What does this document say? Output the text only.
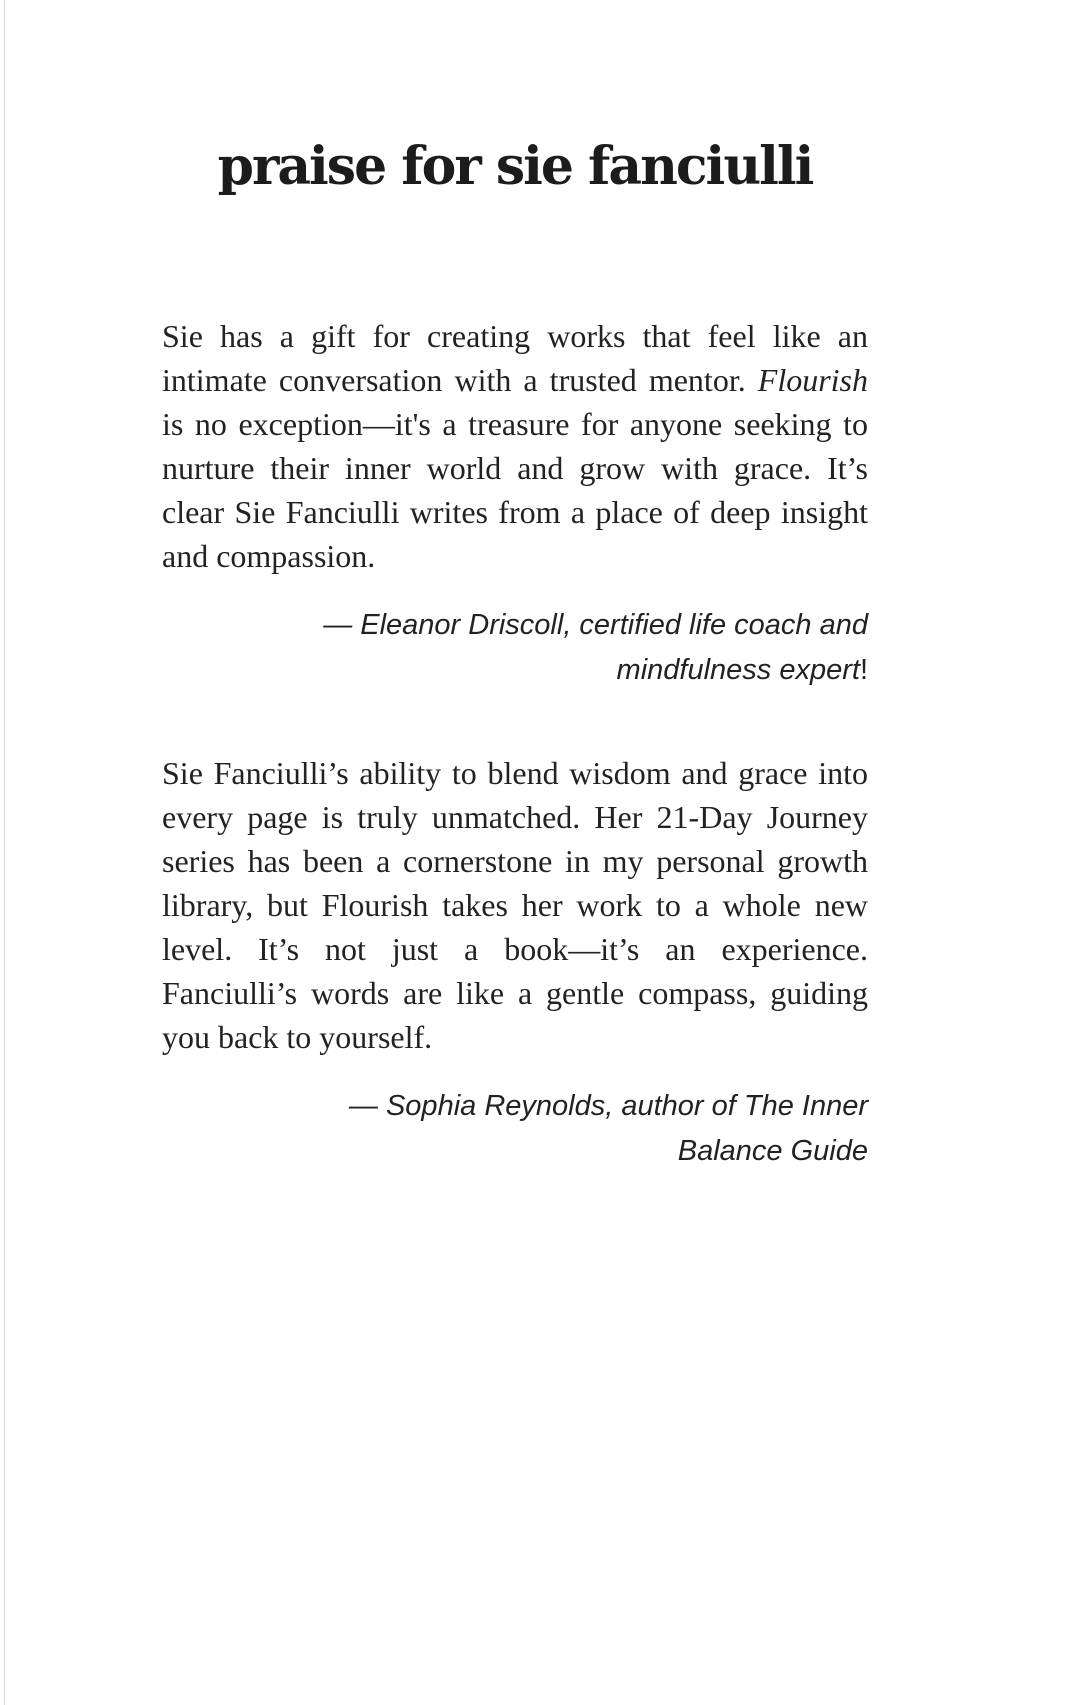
praise for sie fanciulli

Sie has a gift for creating works that feel like an intimate conversation with a trusted mentor. Flourish is no exception—it's a treasure for anyone seeking to nurture their inner world and grow with grace. It’s clear Sie Fanciulli writes from a place of deep insight and compassion.

— Eleanor Driscoll, certified life coach and mindfulness expert!

Sie Fanciulli’s ability to blend wisdom and grace into every page is truly unmatched. Her 21-Day Journey series has been a cornerstone in my personal growth library, but Flourish takes her work to a whole new level. It’s not just a book—it’s an experience. Fanciulli’s words are like a gentle compass, guiding you back to yourself.

— Sophia Reynolds, author of The Inner Balance Guide
